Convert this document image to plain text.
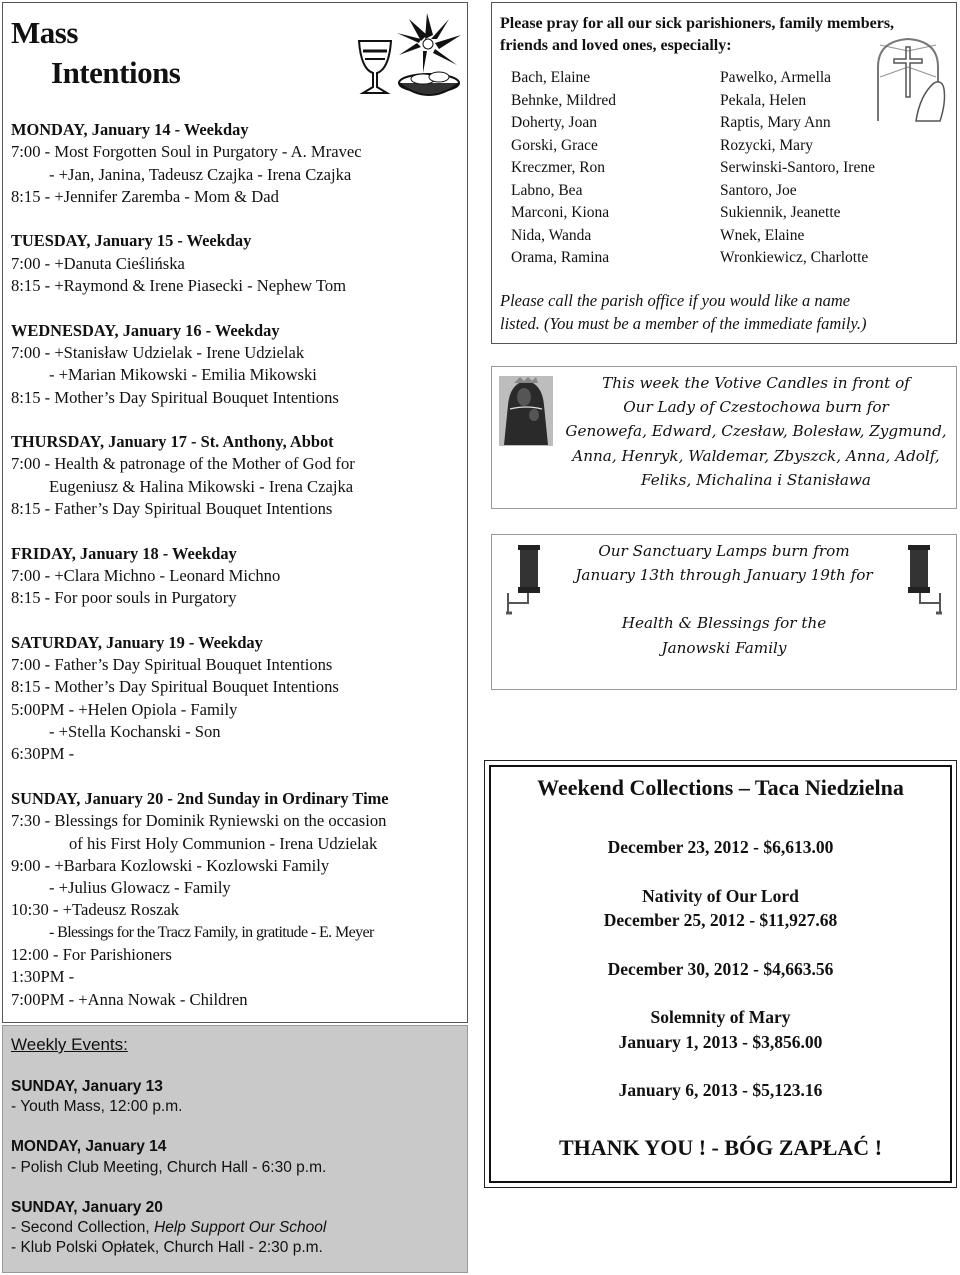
Mass
Intentions
MONDAY, January 14 - Weekday
7:00 - Most Forgotten Soul in Purgatory - A. Mravec
- +Jan, Janina, Tadeusz Czajka - Irena Czajka
8:15 - +Jennifer Zaremba - Mom & Dad
TUESDAY, January 15 - Weekday
7:00 - +Danuta Cieślińska
8:15 - +Raymond & Irene Piasecki - Nephew Tom
WEDNESDAY, January 16 - Weekday
7:00 - +Stanisław Udzielak - Irene Udzielak
- +Marian Mikowski - Emilia Mikowski
8:15 - Mother’s Day Spiritual Bouquet Intentions
THURSDAY, January 17 - St. Anthony, Abbot
7:00 - Health & patronage of the Mother of God for
Eugeniusz & Halina Mikowski - Irena Czajka
8:15 - Father’s Day Spiritual Bouquet Intentions
FRIDAY, January 18 - Weekday
7:00 - +Clara Michno - Leonard Michno
8:15 - For poor souls in Purgatory
SATURDAY, January 19 - Weekday
7:00 - Father’s Day Spiritual Bouquet Intentions
8:15 - Mother’s Day Spiritual Bouquet Intentions
5:00PM - +Helen Opiola - Family
- +Stella Kochanski - Son
6:30PM -
SUNDAY, January 20 - 2nd Sunday in Ordinary Time
7:30 - Blessings for Dominik Ryniewski on the occasion
of his First Holy Communion - Irena Udzielak
9:00 - +Barbara Kozlowski - Kozlowski Family
- +Julius Glowacz - Family
10:30 - +Tadeusz Roszak
- Blessings for the Tracz Family, in gratitude - E. Meyer
12:00 - For Parishioners
1:30PM -
7:00PM - +Anna Nowak - Children
Weekly Events:
SUNDAY, January 13
- Youth Mass, 12:00 p.m.
MONDAY, January 14
- Polish Club Meeting, Church Hall - 6:30 p.m.
SUNDAY, January 20
- Second Collection, Help Support Our School
- Klub Polski Opłatek, Church Hall - 2:30 p.m.
Please pray for all our sick parishioners, family members, friends and loved ones, especially:
Bach, Elaine
Behnke, Mildred
Doherty, Joan
Gorski, Grace
Kreczmer, Ron
Labno, Bea
Marconi, Kiona
Nida, Wanda
Orama, Ramina
Pawelko, Armella
Pekala, Helen
Raptis, Mary Ann
Rozycki, Mary
Serwinski-Santoro, Irene
Santoro, Joe
Sukiennik, Jeanette
Wnek, Elaine
Wronkiewicz, Charlotte
Please call the parish office if you would like a name
listed. (You must be a member of the immediate family.)
This week the Votive Candles in front of
Our Lady of Czestochowa burn for
Genowefa, Edward, Czesław, Bolesław, Zygmund,
Anna, Henryk, Waldemar, Zbyszck, Anna, Adolf,
Feliks, Michalina i Stanisława
Our Sanctuary Lamps burn from
January 13th through January 19th for
Health & Blessings for the
Janowski Family
Weekend Collections – Taca Niedzielna
December 23, 2012 - $6,613.00
Nativity of Our Lord
December 25, 2012 - $11,927.68
December 30, 2012 - $4,663.56
Solemnity of Mary
January 1, 2013 - $3,856.00
January 6, 2013 - $5,123.16
THANK YOU ! - BÓG ZAPŁAĆ !
